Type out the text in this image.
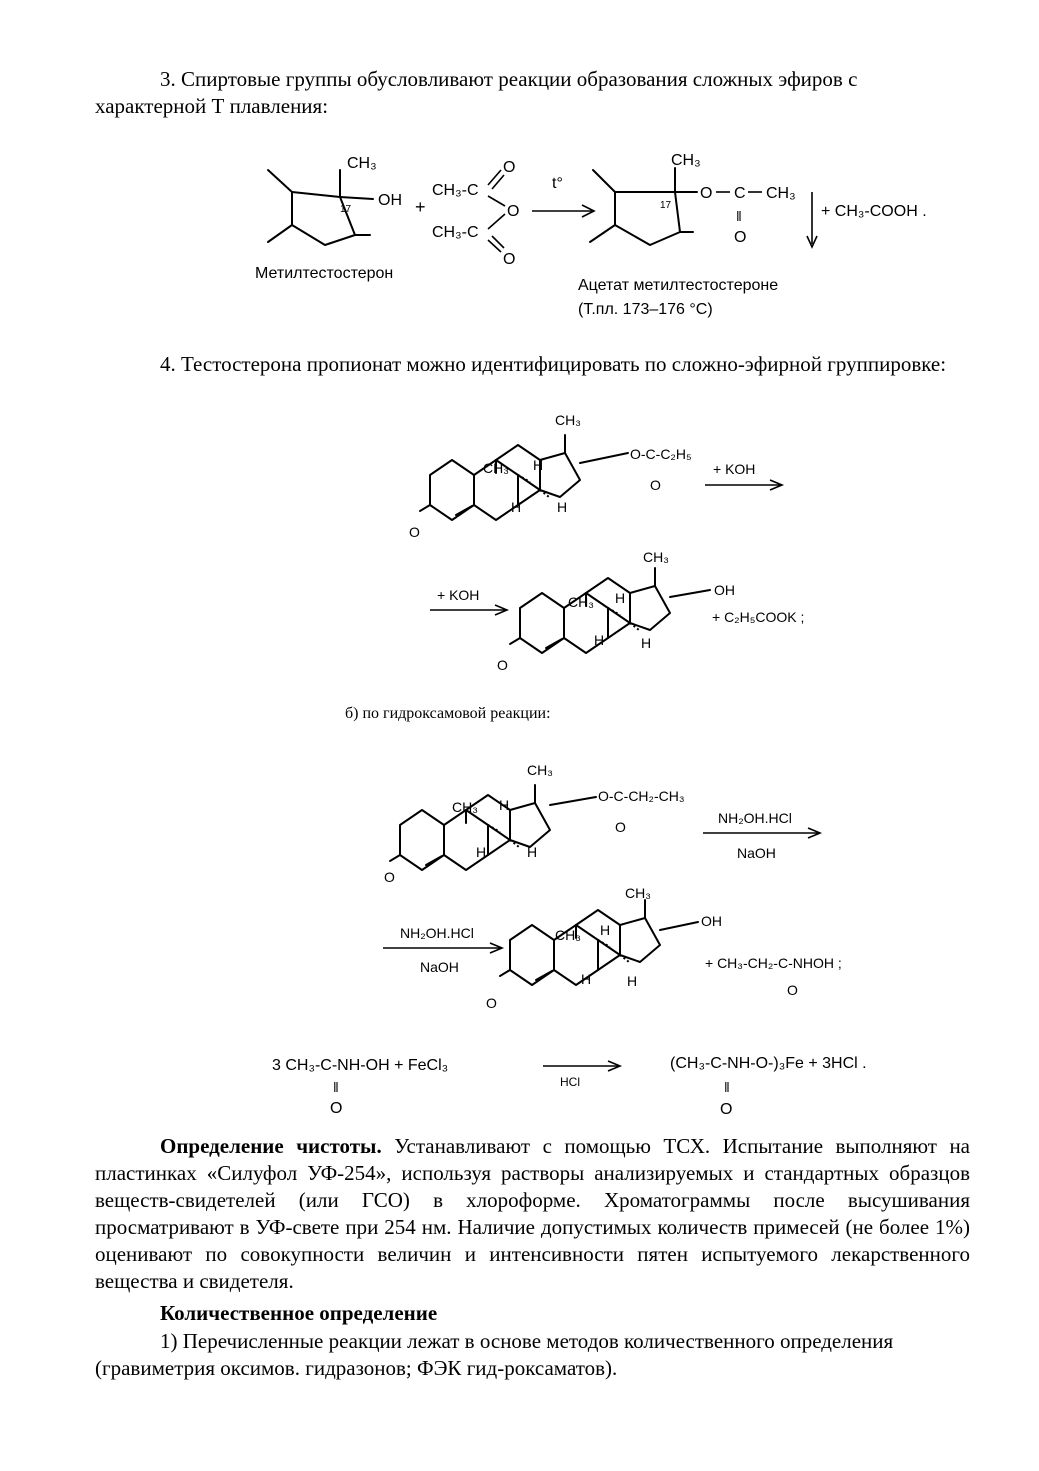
3. Спиртовые группы обусловливают реакции образования сложных эфиров с характерной Т плавления:

CH₃
OH
17	+
CH₃-C
CH₃-C
O
O
O
t°
CH₃
17
O C CH₃
‖
O
+ CH₃-COOH .
Метилтестостерон
Ацетат метилтестостероне
(Т.пл. 173–176 °С)

4. Тестостерона пропионат можно идентифицировать по сложно-эфирной группировке:

CH₃
CH₃ H
H	H
O
O-C-C₂H₅
O
+ KOH
+ KOH
CH₃
CH₃ H
H	H
O
OH
+ C₂H₅COOK ;
б) по гидроксамовой реакции:
CH₃
CH₃ H
H	H
O
O-C-CH₂-CH₃
O
NH₂OH.HCl
NaOH
NH₂OH.HCl
NaOH
CH₃
CH₃ H
H	H
O
OH
+ CH₃-CH₂-C-NHOH ;
O
3 CH₃-C-NH-OH + FeCl₃
‖
O
HCl
(CH₃-C-NH-O-)₃Fe + 3HCl .
‖
O

Определение чистоты. Устанавливают с помощью ТСХ. Испытание выполняют на пластинках «Силуфол УФ-254», используя растворы анализируемых и стандартных образцов веществ-свидетелей (или ГСО) в хлороформе. Хроматограммы после высушивания просматривают в УФ-свете при 254 нм. Наличие допустимых количеств примесей (не более 1%) оценивают по совокупности величин и интенсивности пятен испытуемого лекарственного вещества и свидетеля.

Количественное определение

1) Перечисленные реакции лежат в основе методов количественного определения (гравиметрия оксимов. гидразонов; ФЭК гид-роксаматов).
